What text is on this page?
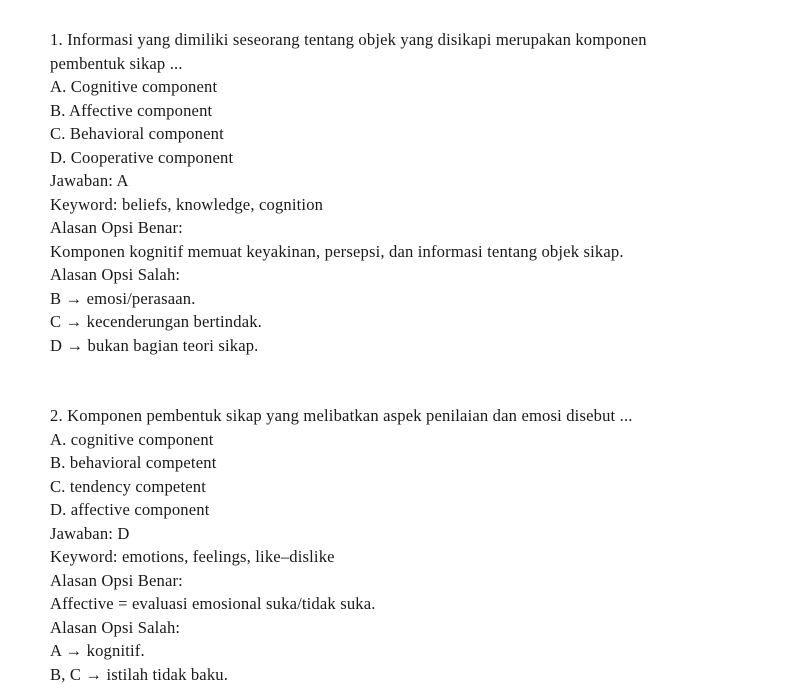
1. Informasi yang dimiliki seseorang tentang objek yang disikapi merupakan komponen pembentuk sikap ...

A. Cognitive component

B. Affective component

C. Behavioral component

D. Cooperative component

Jawaban: A

Keyword: beliefs, knowledge, cognition

Alasan Opsi Benar:

Komponen kognitif memuat keyakinan, persepsi, dan informasi tentang objek sikap.

Alasan Opsi Salah:

B → emosi/perasaan.

C → kecenderungan bertindak.

D → bukan bagian teori sikap.

2. Komponen pembentuk sikap yang melibatkan aspek penilaian dan emosi disebut ...

A. cognitive component

B. behavioral competent

C. tendency competent

D. affective component

Jawaban: D

Keyword: emotions, feelings, like–dislike

Alasan Opsi Benar:

Affective = evaluasi emosional suka/tidak suka.

Alasan Opsi Salah:

A → kognitif.

B, C → istilah tidak baku.
